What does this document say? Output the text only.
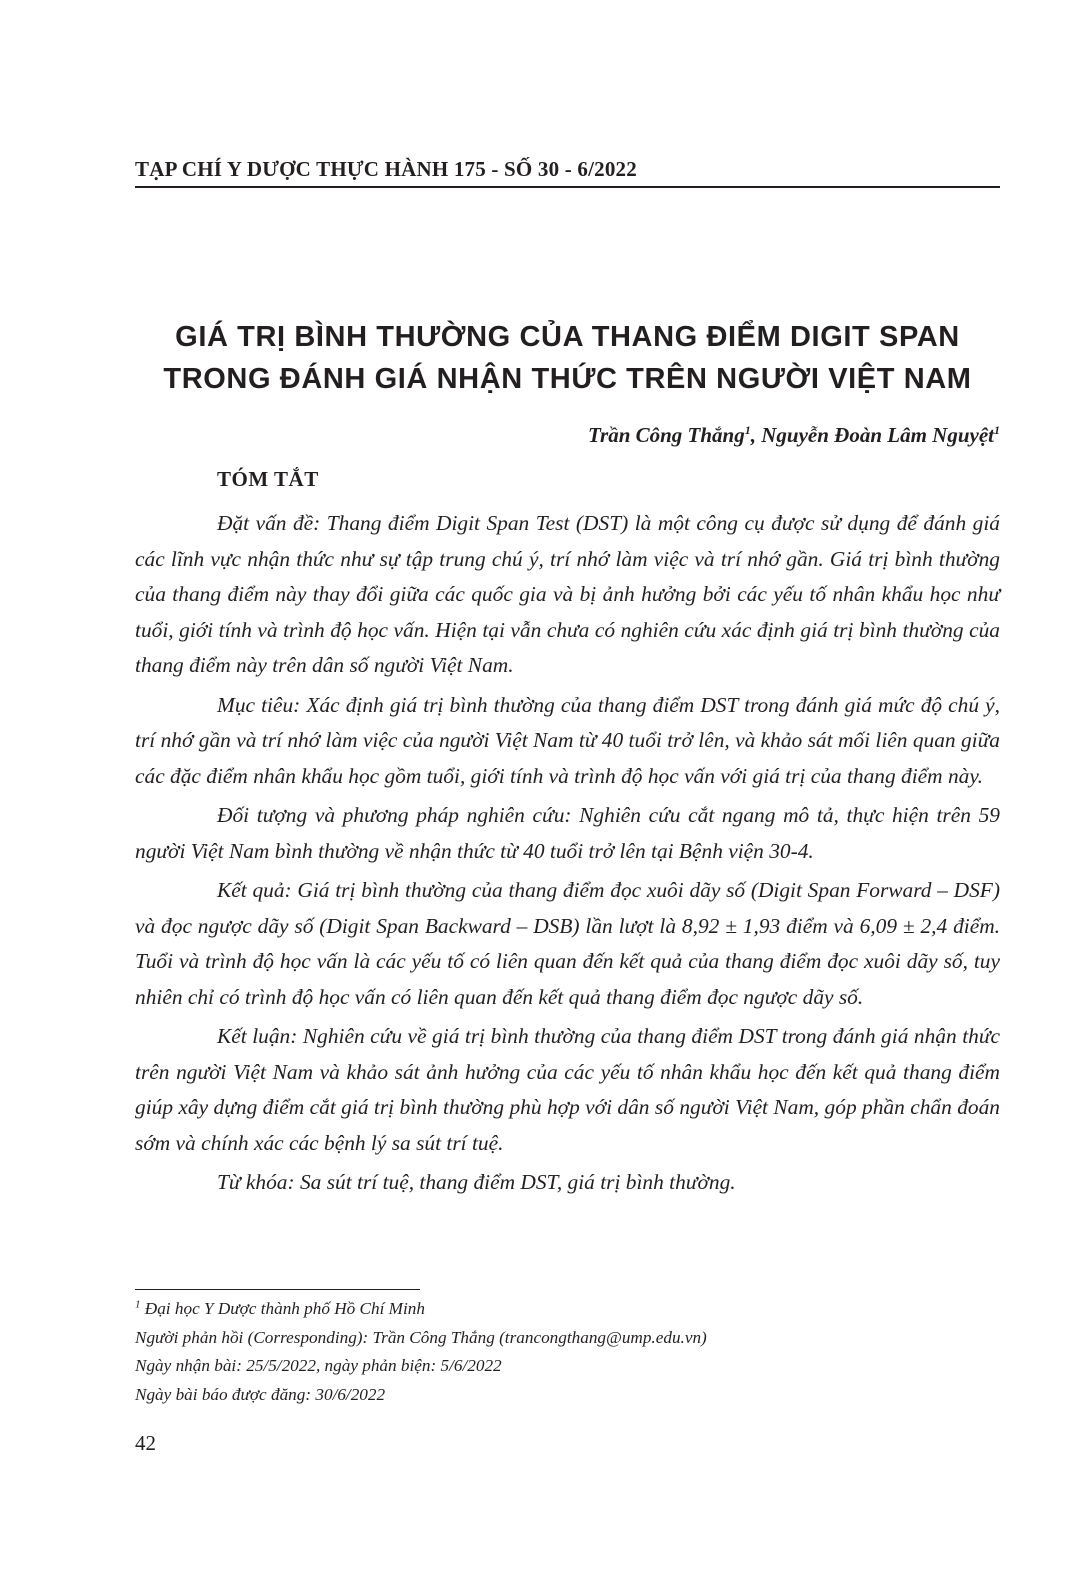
TẠP CHÍ Y DƯỢC THỰC HÀNH 175 - SỐ 30 - 6/2022
GIÁ TRỊ BÌNH THƯỜNG CỦA THANG ĐIỂM DIGIT SPAN
TRONG ĐÁNH GIÁ NHẬN THỨC TRÊN NGƯỜI VIỆT NAM
Trần Công Thắng$^1$, Nguyễn Đoàn Lâm Nguyệt$^1$
TÓM TẮT

Đặt vấn đề: Thang điểm Digit Span Test (DST) là một công cụ được sử dụng để đánh giá các lĩnh vực nhận thức như sự tập trung chú ý, trí nhớ làm việc và trí nhớ gần. Giá trị bình thường của thang điểm này thay đổi giữa các quốc gia và bị ảnh hưởng bởi các yếu tố nhân khẩu học như tuổi, giới tính và trình độ học vấn. Hiện tại vẫn chưa có nghiên cứu xác định giá trị bình thường của thang điểm này trên dân số người Việt Nam.

Mục tiêu: Xác định giá trị bình thường của thang điểm DST trong đánh giá mức độ chú ý, trí nhớ gần và trí nhớ làm việc của người Việt Nam từ 40 tuổi trở lên, và khảo sát mối liên quan giữa các đặc điểm nhân khẩu học gồm tuổi, giới tính và trình độ học vấn với giá trị của thang điểm này.

Đối tượng và phương pháp nghiên cứu: Nghiên cứu cắt ngang mô tả, thực hiện trên 59 người Việt Nam bình thường về nhận thức từ 40 tuổi trở lên tại Bệnh viện 30-4.

Kết quả: Giá trị bình thường của thang điểm đọc xuôi dãy số (Digit Span Forward – DSF) và đọc ngược dãy số (Digit Span Backward – DSB) lần lượt là 8,92 ± 1,93 điểm và 6,09 ± 2,4 điểm. Tuổi và trình độ học vấn là các yếu tố có liên quan đến kết quả của thang điểm đọc xuôi dãy số, tuy nhiên chỉ có trình độ học vấn có liên quan đến kết quả thang điểm đọc ngược dãy số.

Kết luận: Nghiên cứu về giá trị bình thường của thang điểm DST trong đánh giá nhận thức trên người Việt Nam và khảo sát ảnh hưởng của các yếu tố nhân khẩu học đến kết quả thang điểm giúp xây dựng điểm cắt giá trị bình thường phù hợp với dân số người Việt Nam, góp phần chẩn đoán sớm và chính xác các bệnh lý sa sút trí tuệ.

Từ khóa: Sa sút trí tuệ, thang điểm DST, giá trị bình thường.

$^1$ Đại học Y Dược thành phố Hồ Chí Minh
Người phản hồi (Corresponding): Trần Công Thắng (trancongthang@ump.edu.vn)
Ngày nhận bài: 25/5/2022, ngày phản biện: 5/6/2022
Ngày bài báo được đăng: 30/6/2022
42
